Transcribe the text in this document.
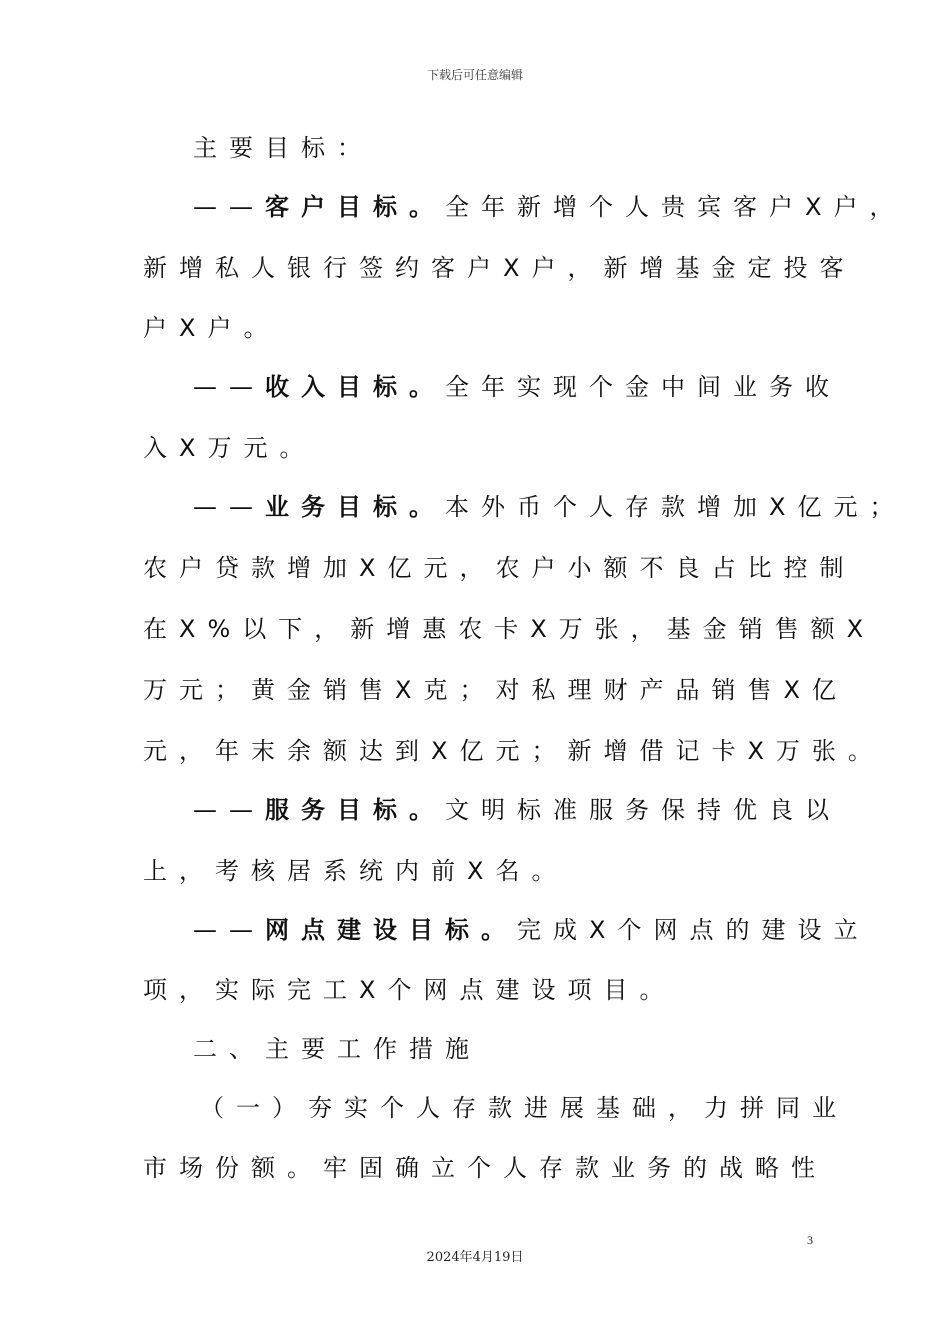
下载后可任意编辑
主要目标：
——客户目标。全年新增个人贵宾客户X户，
新增私人银行签约客户X户，新增基金定投客
户X户。
——收入目标。全年实现个金中间业务收
入X万元。
——业务目标。本外币个人存款增加X亿元；
农户贷款增加X亿元，农户小额不良占比控制
在X%以下，新增惠农卡X万张，基金销售额X
万元；黄金销售X克；对私理财产品销售X亿
元，年末余额达到X亿元；新增借记卡X万张。
——服务目标。文明标准服务保持优良以
上，考核居系统内前X名。
——网点建设目标。完成X个网点的建设立
项，实际完工X个网点建设项目。
二、主要工作措施
（一）夯实个人存款进展基础，力拼同业
市场份额。牢固确立个人存款业务的战略性
3
2024年4月19日
